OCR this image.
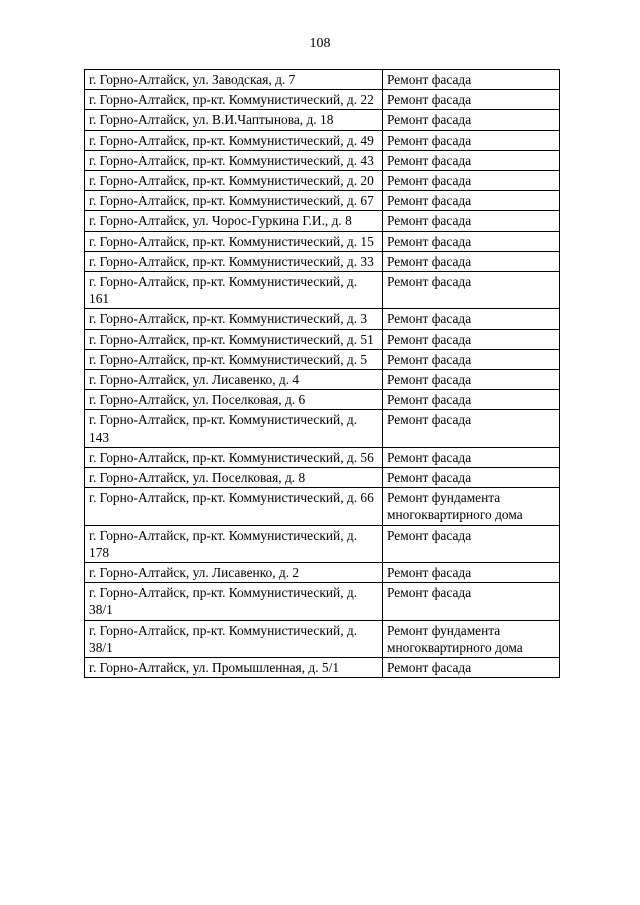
108
г. Горно-Алтайск, ул. Заводская, д. 7	Ремонт фасада
г. Горно-Алтайск, пр-кт. Коммунистический, д. 22	Ремонт фасада
г. Горно-Алтайск, ул. В.И.Чаптынова, д. 18	Ремонт фасада
г. Горно-Алтайск, пр-кт. Коммунистический, д. 49	Ремонт фасада
г. Горно-Алтайск, пр-кт. Коммунистический, д. 43	Ремонт фасада
г. Горно-Алтайск, пр-кт. Коммунистический, д. 20	Ремонт фасада
г. Горно-Алтайск, пр-кт. Коммунистический, д. 67	Ремонт фасада
г. Горно-Алтайск, ул. Чорос-Гуркина Г.И., д. 8	Ремонт фасада
г. Горно-Алтайск, пр-кт. Коммунистический, д. 15	Ремонт фасада
г. Горно-Алтайск, пр-кт. Коммунистический, д. 33	Ремонт фасада
г. Горно-Алтайск, пр-кт. Коммунистический, д. 161	Ремонт фасада
г. Горно-Алтайск, пр-кт. Коммунистический, д. 3	Ремонт фасада
г. Горно-Алтайск, пр-кт. Коммунистический, д. 51	Ремонт фасада
г. Горно-Алтайск, пр-кт. Коммунистический, д. 5	Ремонт фасада
г. Горно-Алтайск, ул. Лисавенко, д. 4	Ремонт фасада
г. Горно-Алтайск, ул. Поселковая, д. 6	Ремонт фасада
г. Горно-Алтайск, пр-кт. Коммунистический, д. 143	Ремонт фасада
г. Горно-Алтайск, пр-кт. Коммунистический, д. 56	Ремонт фасада
г. Горно-Алтайск, ул. Поселковая, д. 8	Ремонт фасада
г. Горно-Алтайск, пр-кт. Коммунистический, д. 66	Ремонт фундамента многоквартирного дома
г. Горно-Алтайск, пр-кт. Коммунистический, д. 178	Ремонт фасада
г. Горно-Алтайск, ул. Лисавенко, д. 2	Ремонт фасада
г. Горно-Алтайск, пр-кт. Коммунистический, д. 38/1	Ремонт фасада
г. Горно-Алтайск, пр-кт. Коммунистический, д. 38/1	Ремонт фундамента многоквартирного дома
г. Горно-Алтайск, ул. Промышленная, д. 5/1	Ремонт фасада
